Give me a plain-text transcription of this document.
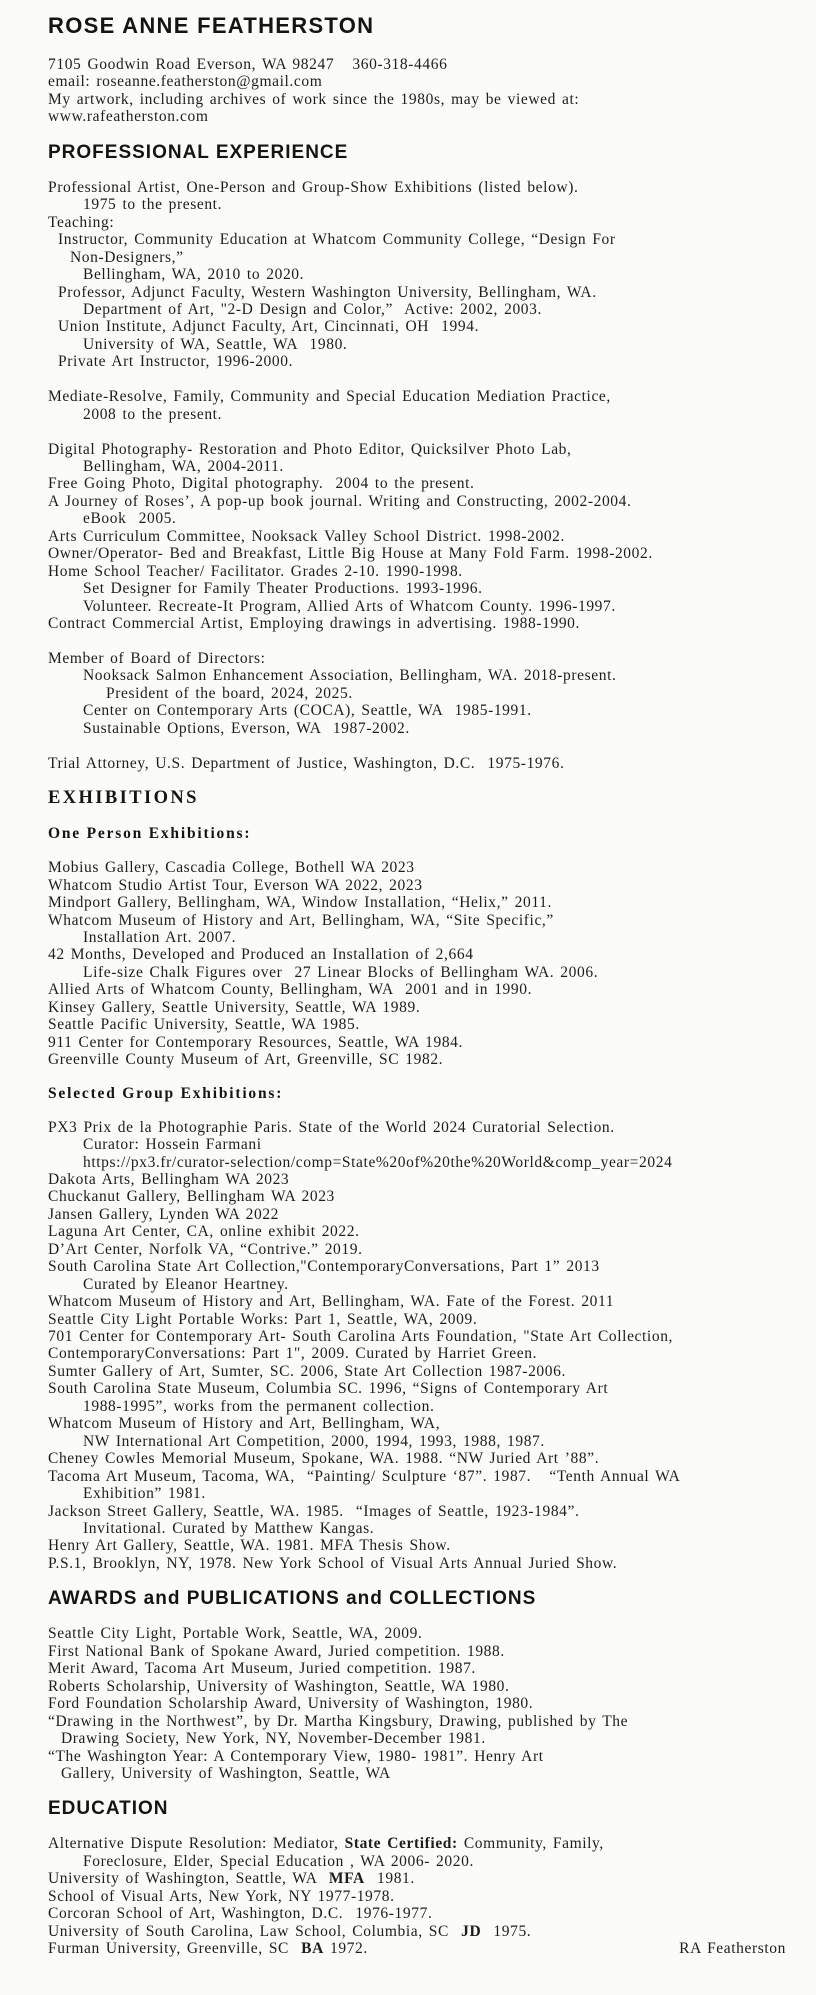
ROSE ANNE FEATHERSTON
7105 Goodwin Road Everson, WA 98247   360-318-4466
email: roseanne.featherston@gmail.com
My artwork, including archives of work since the 1980s, may be viewed at:
www.rafeatherston.com
PROFESSIONAL EXPERIENCE
Professional Artist, One-Person and Group-Show Exhibitions (listed below).
1975 to the present.
Teaching:
Instructor, Community Education at Whatcom Community College, “Design For
Non-Designers,”
Bellingham, WA, 2010 to 2020.
Professor, Adjunct Faculty, Western Washington University, Bellingham, WA.
Department of Art, "2-D Design and Color,”  Active: 2002, 2003.
Union Institute, Adjunct Faculty, Art, Cincinnati, OH  1994.
University of WA, Seattle, WA  1980.
Private Art Instructor, 1996-2000.
Mediate-Resolve, Family, Community and Special Education Mediation Practice,
2008 to the present.
Digital Photography- Restoration and Photo Editor, Quicksilver Photo Lab,
Bellingham, WA, 2004-2011.
Free Going Photo, Digital photography.  2004 to the present.
A Journey of Roses’, A pop-up book journal. Writing and Constructing, 2002-2004.
eBook  2005.
Arts Curriculum Committee, Nooksack Valley School District. 1998-2002.
Owner/Operator- Bed and Breakfast, Little Big House at Many Fold Farm. 1998-2002.
Home School Teacher/ Facilitator. Grades 2-10. 1990-1998.
Set Designer for Family Theater Productions. 1993-1996.
Volunteer. Recreate-It Program, Allied Arts of Whatcom County. 1996-1997.
Contract Commercial Artist, Employing drawings in advertising. 1988-1990.
Member of Board of Directors:
Nooksack Salmon Enhancement Association, Bellingham, WA. 2018-present.
President of the board, 2024, 2025.
Center on Contemporary Arts (COCA), Seattle, WA  1985-1991.
Sustainable Options, Everson, WA  1987-2002.
Trial Attorney, U.S. Department of Justice, Washington, D.C.  1975-1976.
EXHIBITIONS
One Person Exhibitions:
Mobius Gallery, Cascadia College, Bothell WA 2023
Whatcom Studio Artist Tour, Everson WA 2022, 2023
Mindport Gallery, Bellingham, WA, Window Installation, “Helix,” 2011.
Whatcom Museum of History and Art, Bellingham, WA, “Site Specific,”
Installation Art. 2007.
42 Months, Developed and Produced an Installation of 2,664
Life-size Chalk Figures over  27 Linear Blocks of Bellingham WA. 2006.
Allied Arts of Whatcom County, Bellingham, WA  2001 and in 1990.
Kinsey Gallery, Seattle University, Seattle, WA 1989.
Seattle Pacific University, Seattle, WA 1985.
911 Center for Contemporary Resources, Seattle, WA 1984.
Greenville County Museum of Art, Greenville, SC 1982.
Selected Group Exhibitions:
PX3 Prix de la Photographie Paris. State of the World 2024 Curatorial Selection.
Curator: Hossein Farmani
https://px3.fr/curator-selection/comp=State%20of%20the%20World&comp_year=2024
Dakota Arts, Bellingham WA 2023
Chuckanut Gallery, Bellingham WA 2023
Jansen Gallery, Lynden WA 2022
Laguna Art Center, CA, online exhibit 2022.
D’Art Center, Norfolk VA, “Contrive.” 2019.
South Carolina State Art Collection,"ContemporaryConversations, Part 1” 2013
Curated by Eleanor Heartney.
Whatcom Museum of History and Art, Bellingham, WA. Fate of the Forest. 2011
Seattle City Light Portable Works: Part 1, Seattle, WA, 2009.
701 Center for Contemporary Art- South Carolina Arts Foundation, "State Art Collection,
ContemporaryConversations: Part 1", 2009. Curated by Harriet Green.
Sumter Gallery of Art, Sumter, SC. 2006, State Art Collection 1987-2006.
South Carolina State Museum, Columbia SC. 1996, “Signs of Contemporary Art
1988-1995”, works from the permanent collection.
Whatcom Museum of History and Art, Bellingham, WA,
NW International Art Competition, 2000, 1994, 1993, 1988, 1987.
Cheney Cowles Memorial Museum, Spokane, WA. 1988. “NW Juried Art ’88”.
Tacoma Art Museum, Tacoma, WA,  “Painting/ Sculpture ‘87”. 1987.   “Tenth Annual WA
Exhibition” 1981.
Jackson Street Gallery, Seattle, WA. 1985.  “Images of Seattle, 1923-1984”.
Invitational. Curated by Matthew Kangas.
Henry Art Gallery, Seattle, WA. 1981. MFA Thesis Show.
P.S.1, Brooklyn, NY, 1978. New York School of Visual Arts Annual Juried Show.
AWARDS and PUBLICATIONS and COLLECTIONS
Seattle City Light, Portable Work, Seattle, WA, 2009.
First National Bank of Spokane Award, Juried competition. 1988.
Merit Award, Tacoma Art Museum, Juried competition. 1987.
Roberts Scholarship, University of Washington, Seattle, WA 1980.
Ford Foundation Scholarship Award, University of Washington, 1980.
“Drawing in the Northwest”, by Dr. Martha Kingsbury, Drawing, published by The
Drawing Society, New York, NY, November-December 1981.
“The Washington Year: A Contemporary View, 1980- 1981”. Henry Art
Gallery, University of Washington, Seattle, WA
EDUCATION
Alternative Dispute Resolution: Mediator, State Certified: Community, Family,
Foreclosure, Elder, Special Education , WA 2006- 2020.
University of Washington, Seattle, WA  MFA  1981.
School of Visual Arts, New York, NY 1977-1978.
Corcoran School of Art, Washington, D.C.  1976-1977.
University of South Carolina, Law School, Columbia, SC  JD  1975.
Furman University, Greenville, SC  BA 1972.	RA Featherston
